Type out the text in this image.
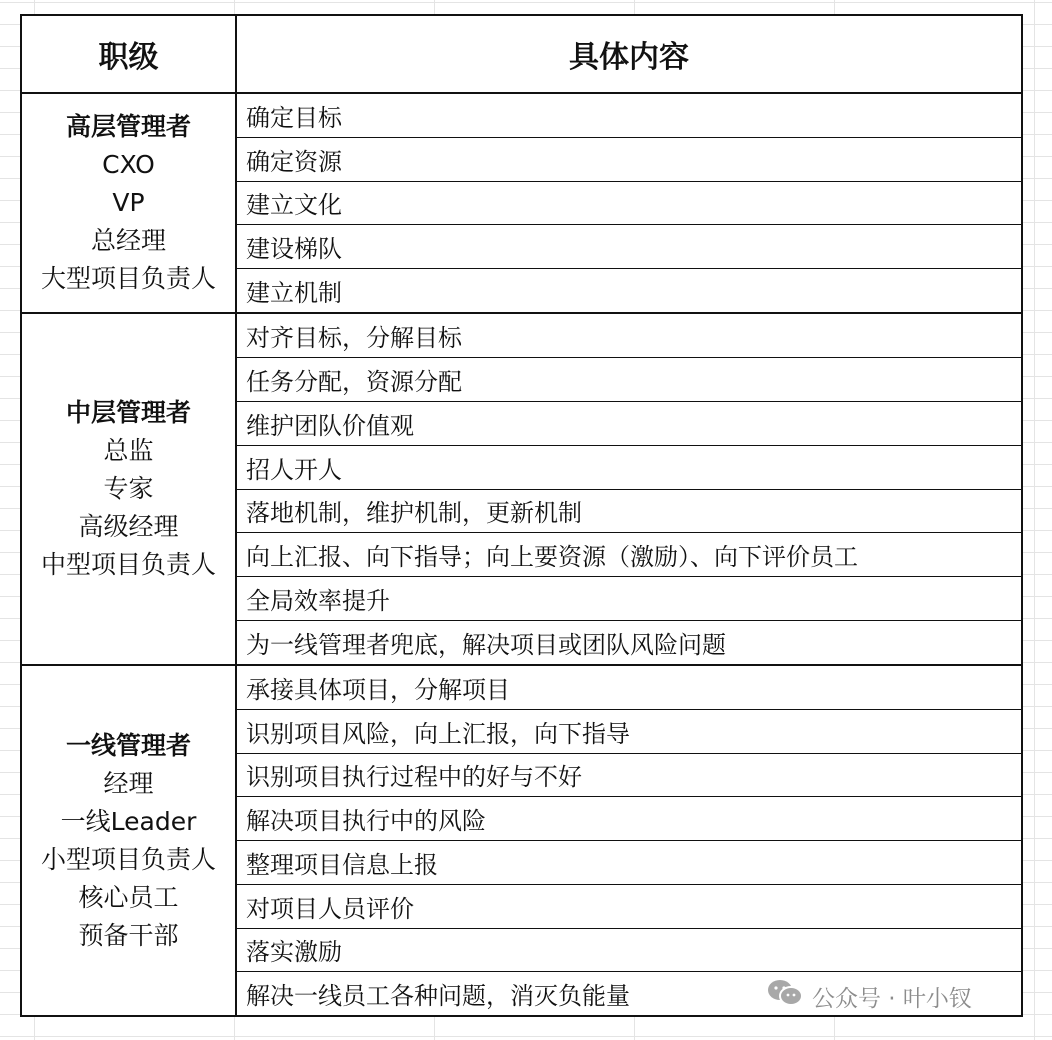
职级	具体内容
高层管理者
CXO
VP
总经理
大型项目负责人
确定目标
确定资源
建立文化
建设梯队
建立机制
中层管理者
总监
专家
高级经理
中型项目负责人
对齐目标，分解目标
任务分配，资源分配
维护团队价值观
招人开人
落地机制，维护机制，更新机制
向上汇报、向下指导；向上要资源（激励）、向下评价员工
全局效率提升
为一线管理者兜底，解决项目或团队风险问题
一线管理者
经理
一线Leader
小型项目负责人
核心员工
预备干部
承接具体项目，分解项目
识别项目风险，向上汇报，向下指导
识别项目执行过程中的好与不好
解决项目执行中的风险
整理项目信息上报
对项目人员评价
落实激励
解决一线员工各种问题，消灭负能量	公众号 · 叶小钗
